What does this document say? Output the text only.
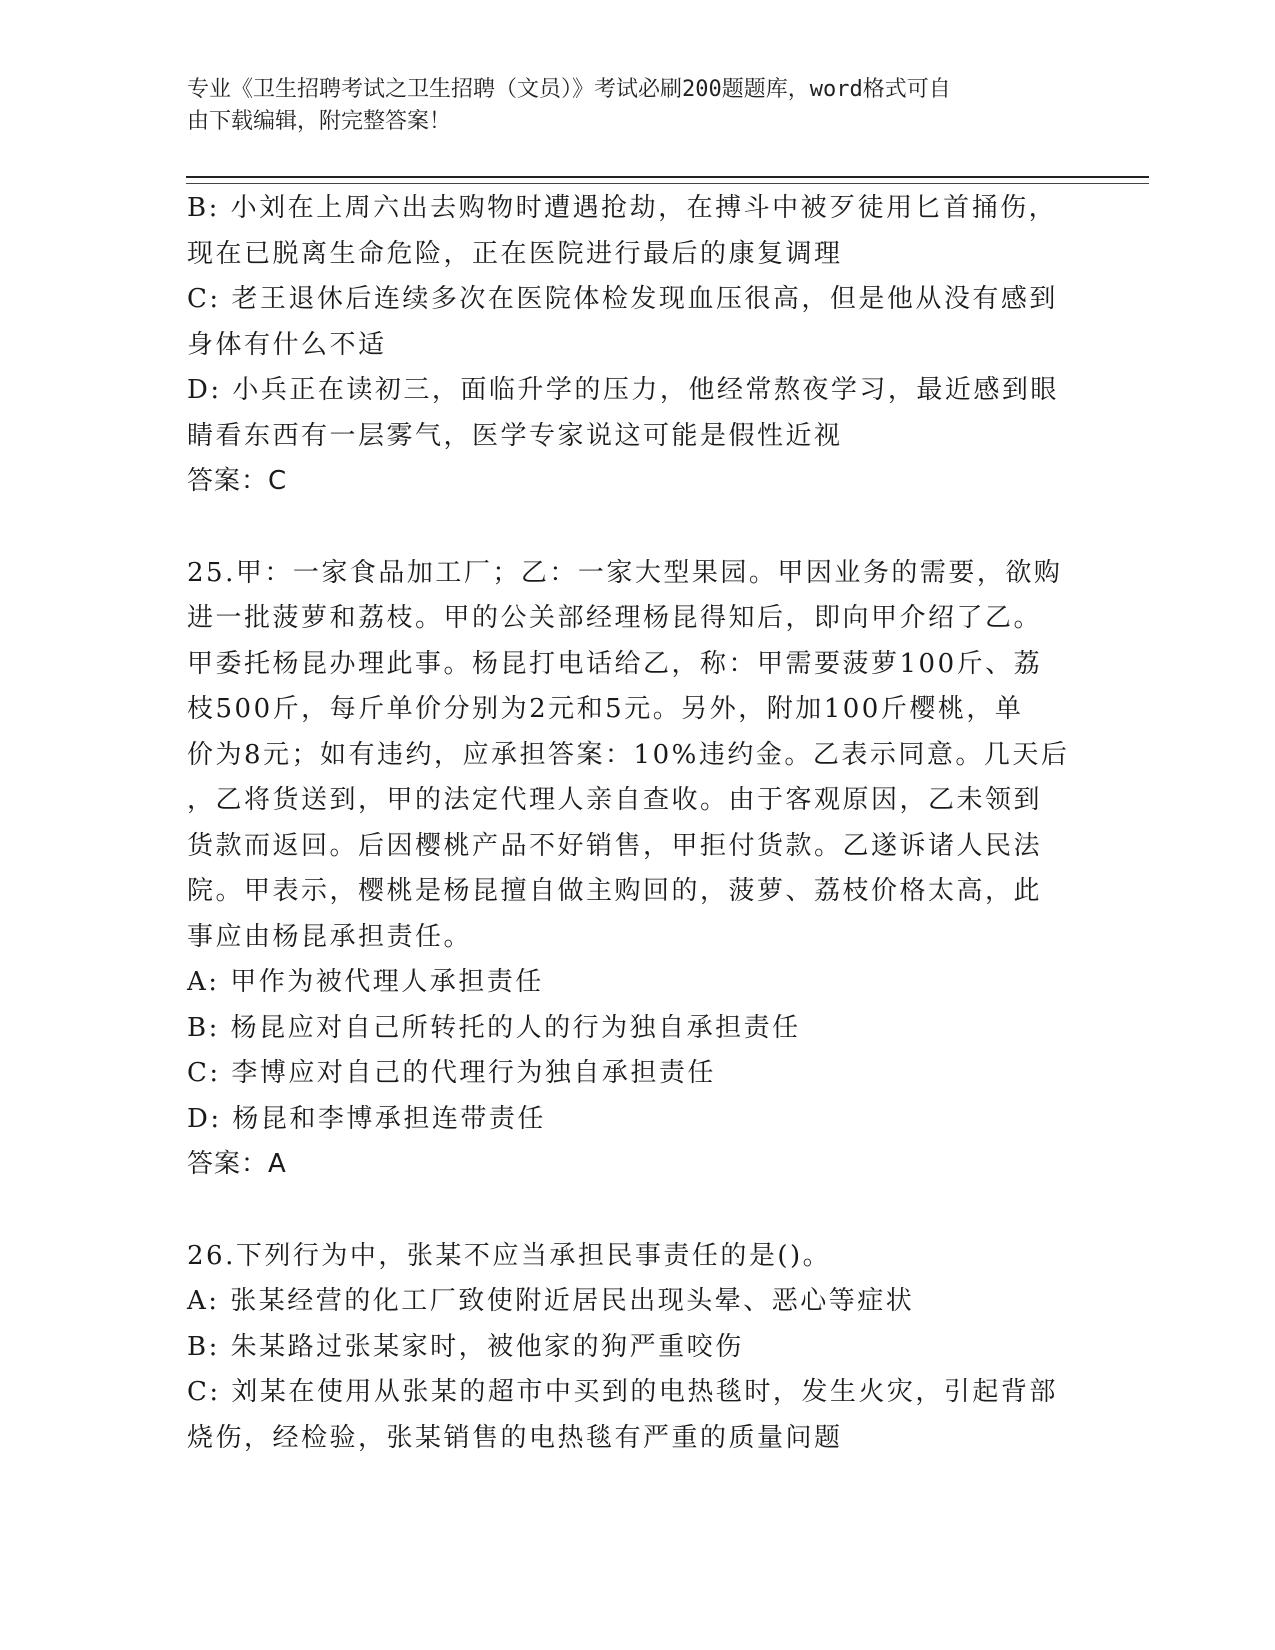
专业《卫生招聘考试之卫生招聘（文员）》考试必刷200题题库，word格式可自
由下载编辑，附完整答案！
B: 小刘在上周六出去购物时遭遇抢劫，在搏斗中被歹徒用匕首捅伤，
现在已脱离生命危险，正在医院进行最后的康复调理
C: 老王退休后连续多次在医院体检发现血压很高，但是他从没有感到
身体有什么不适
D: 小兵正在读初三，面临升学的压力，他经常熬夜学习，最近感到眼
睛看东西有一层雾气，医学专家说这可能是假性近视
答案：C
25.甲：一家食品加工厂；乙：一家大型果园。甲因业务的需要，欲购
进一批菠萝和荔枝。甲的公关部经理杨昆得知后，即向甲介绍了乙。
甲委托杨昆办理此事。杨昆打电话给乙，称：甲需要菠萝100斤、荔
枝500斤，每斤单价分别为2元和5元。另外，附加100斤樱桃，单
价为8元；如有违约，应承担答案：10%违约金。乙表示同意。几天后
，乙将货送到，甲的法定代理人亲自查收。由于客观原因，乙未领到
货款而返回。后因樱桃产品不好销售，甲拒付货款。乙遂诉诸人民法
院。甲表示，樱桃是杨昆擅自做主购回的，菠萝、荔枝价格太高，此
事应由杨昆承担责任。
A: 甲作为被代理人承担责任
B: 杨昆应对自己所转托的人的行为独自承担责任
C: 李博应对自己的代理行为独自承担责任
D: 杨昆和李博承担连带责任
答案：A
26.下列行为中，张某不应当承担民事责任的是()。
A: 张某经营的化工厂致使附近居民出现头晕、恶心等症状
B: 朱某路过张某家时，被他家的狗严重咬伤
C: 刘某在使用从张某的超市中买到的电热毯时，发生火灾，引起背部
烧伤，经检验，张某销售的电热毯有严重的质量问题
